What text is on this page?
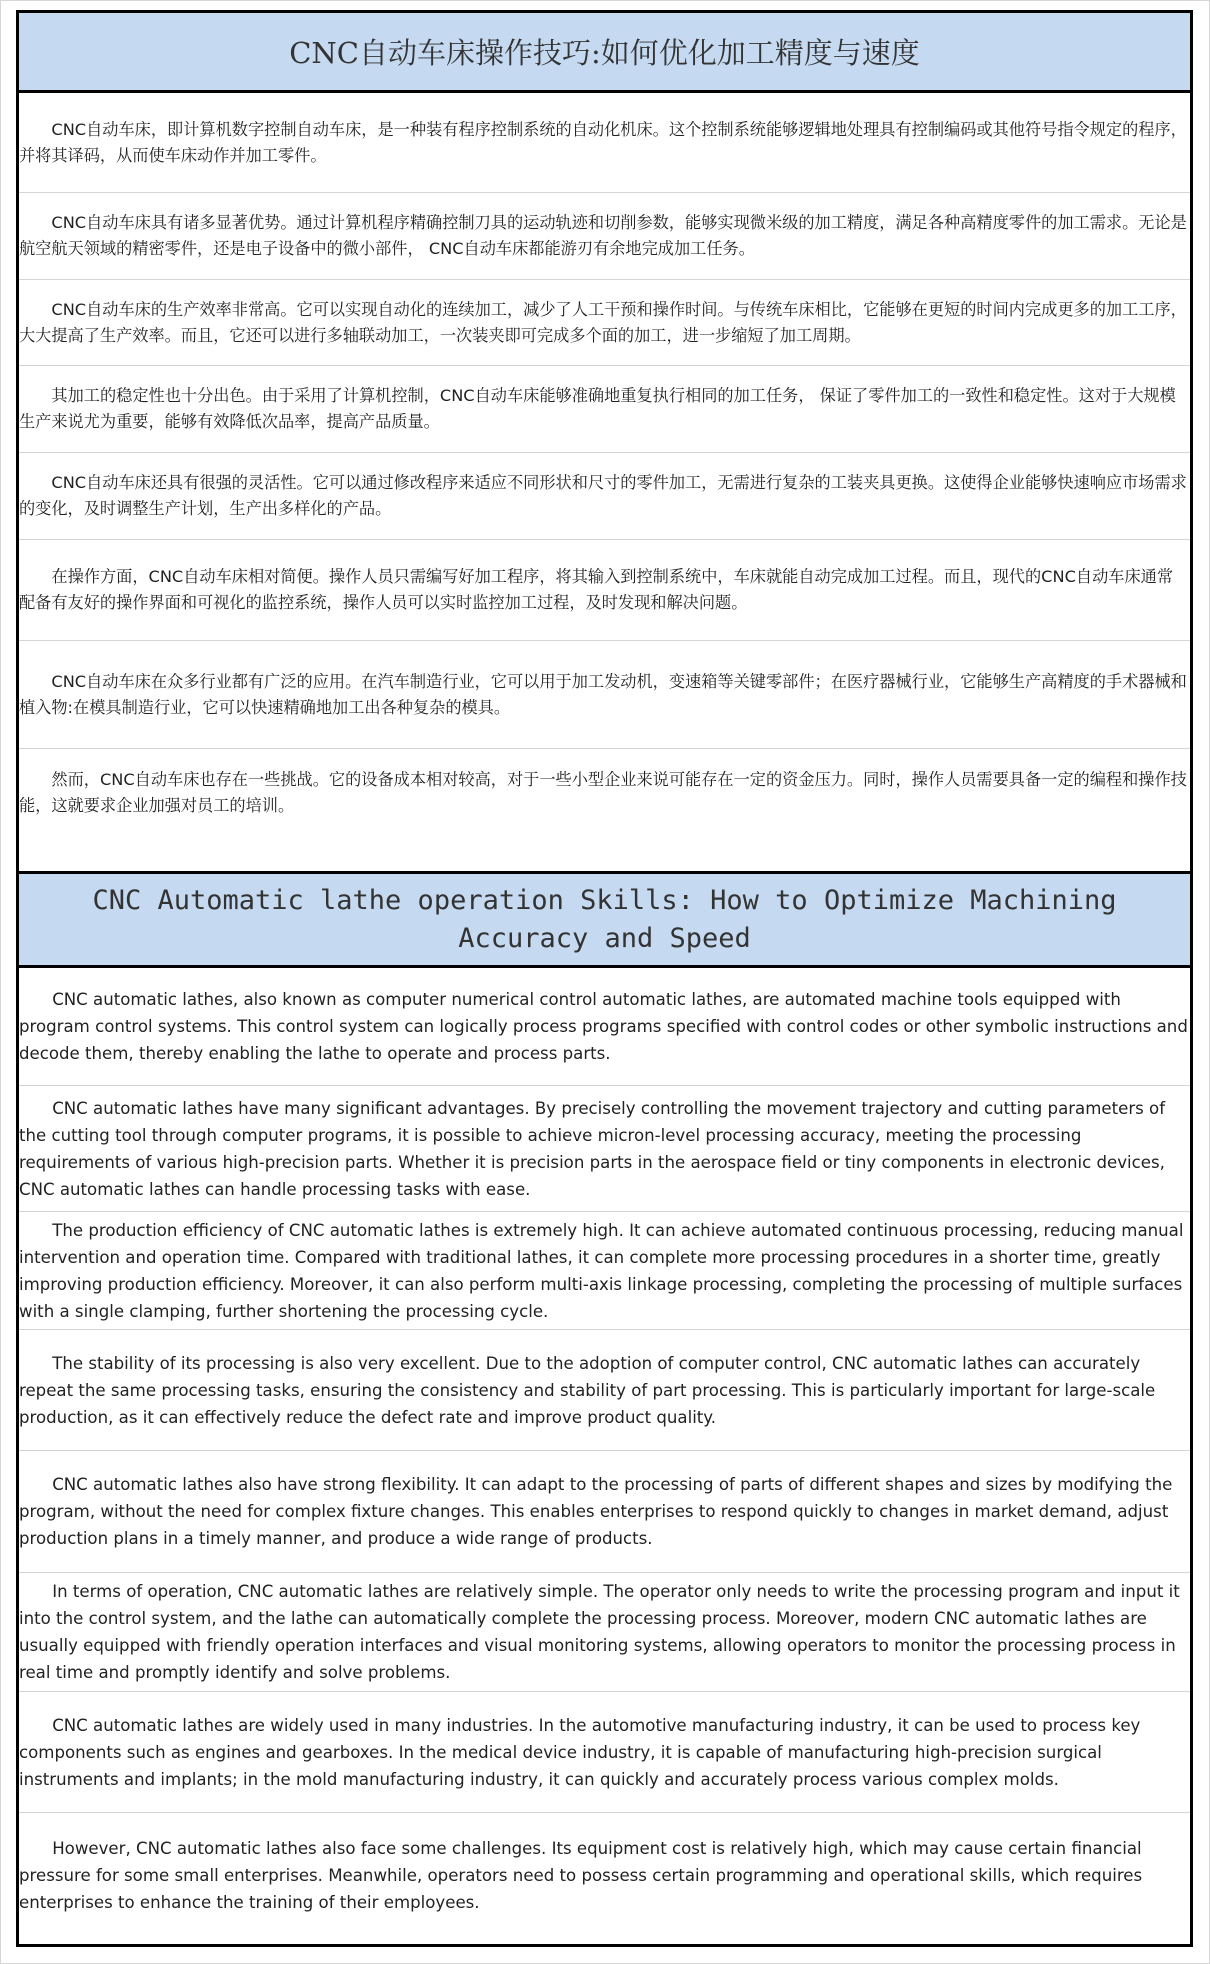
CNC自动车床操作技巧:如何优化加工精度与速度

CNC自动车床，即计算机数字控制自动车床，是一种装有程序控制系统的自动化机床。这个控制系统能够逻辑地处理具有控制编码或其他符号指令规定的程序，并将其译码，从而使车床动作并加工零件。

CNC自动车床具有诸多显著优势。通过计算机程序精确控制刀具的运动轨迹和切削参数，能够实现微米级的加工精度，满足各种高精度零件的加工需求。无论是航空航天领域的精密零件，还是电子设备中的微小部件， CNC自动车床都能游刃有余地完成加工任务。

CNC自动车床的生产效率非常高。它可以实现自动化的连续加工，减少了人工干预和操作时间。与传统车床相比，它能够在更短的时间内完成更多的加工工序，大大提高了生产效率。而且，它还可以进行多轴联动加工，一次装夹即可完成多个面的加工，进一步缩短了加工周期。

其加工的稳定性也十分出色。由于采用了计算机控制，CNC自动车床能够准确地重复执行相同的加工任务， 保证了零件加工的一致性和稳定性。这对于大规模生产来说尤为重要，能够有效降低次品率，提高产品质量。

CNC自动车床还具有很强的灵活性。它可以通过修改程序来适应不同形状和尺寸的零件加工，无需进行复杂的工装夹具更换。这使得企业能够快速响应市场需求的变化，及时调整生产计划，生产出多样化的产品。

在操作方面，CNC自动车床相对简便。操作人员只需编写好加工程序，将其输入到控制系统中，车床就能自动完成加工过程。而且，现代的CNC自动车床通常配备有友好的操作界面和可视化的监控系统，操作人员可以实时监控加工过程，及时发现和解决问题。

CNC自动车床在众多行业都有广泛的应用。在汽车制造行业，它可以用于加工发动机，变速箱等关键零部件；在医疗器械行业，它能够生产高精度的手术器械和植入物:在模具制造行业，它可以快速精确地加工出各种复杂的模具。

然而，CNC自动车床也存在一些挑战。它的设备成本相对较高，对于一些小型企业来说可能存在一定的资金压力。同时，操作人员需要具备一定的编程和操作技能，这就要求企业加强对员工的培训。

CNC Automatic lathe operation Skills: How to Optimize Machining Accuracy and Speed

CNC automatic lathes, also known as computer numerical control automatic lathes, are automated machine tools equipped with program control systems. This control system can logically process programs specified with control codes or other symbolic instructions and decode them, thereby enabling the lathe to operate and process parts.

CNC automatic lathes have many significant advantages. By precisely controlling the movement trajectory and cutting parameters of the cutting tool through computer programs, it is possible to achieve micron-level processing accuracy, meeting the processing requirements of various high-precision parts. Whether it is precision parts in the aerospace field or tiny components in electronic devices, CNC automatic lathes can handle processing tasks with ease.

The production efficiency of CNC automatic lathes is extremely high. It can achieve automated continuous processing, reducing manual intervention and operation time. Compared with traditional lathes, it can complete more processing procedures in a shorter time, greatly improving production efficiency. Moreover, it can also perform multi-axis linkage processing, completing the processing of multiple surfaces with a single clamping, further shortening the processing cycle.

The stability of its processing is also very excellent. Due to the adoption of computer control, CNC automatic lathes can accurately repeat the same processing tasks, ensuring the consistency and stability of part processing. This is particularly important for large-scale production, as it can effectively reduce the defect rate and improve product quality.

CNC automatic lathes also have strong flexibility. It can adapt to the processing of parts of different shapes and sizes by modifying the program, without the need for complex fixture changes. This enables enterprises to respond quickly to changes in market demand, adjust production plans in a timely manner, and produce a wide range of products.

In terms of operation, CNC automatic lathes are relatively simple. The operator only needs to write the processing program and input it into the control system, and the lathe can automatically complete the processing process. Moreover, modern CNC automatic lathes are usually equipped with friendly operation interfaces and visual monitoring systems, allowing operators to monitor the processing process in real time and promptly identify and solve problems.

CNC automatic lathes are widely used in many industries. In the automotive manufacturing industry, it can be used to process key components such as engines and gearboxes. In the medical device industry, it is capable of manufacturing high-precision surgical instruments and implants; in the mold manufacturing industry, it can quickly and accurately process various complex molds.

However, CNC automatic lathes also face some challenges. Its equipment cost is relatively high, which may cause certain financial pressure for some small enterprises. Meanwhile, operators need to possess certain programming and operational skills, which requires enterprises to enhance the training of their employees.
